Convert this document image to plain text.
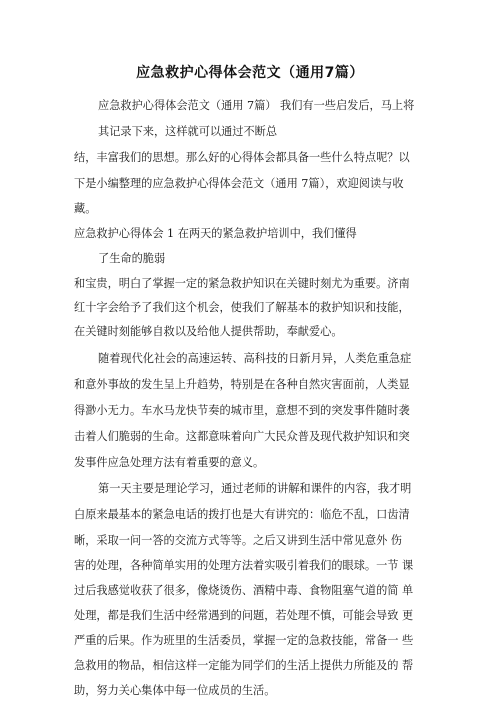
应急救护心得体会范文（通用7篇）
应急救护心得体会范文（通用 7篇） 我们有一些启发后，马上将
其记录下来，这样就可以通过不断总
结，丰富我们的思想。那么好的心得体会都具备一些什么特点呢？以
下是小编整理的应急救护心得体会范文（通用 7篇），欢迎阅读与收
藏。
应急救护心得体会 1 在两天的紧急救护培训中，我们懂得
了生命的脆弱
和宝贵，明白了掌握一定的紧急救护知识在关键时刻尤为重要。济南
红十字会给予了我们这个机会，使我们了解基本的救护知识和技能，
在关键时刻能够自救以及给他人提供帮助，奉献爱心。
随着现代化社会的高速运转、高科技的日新月异，人类危重急症
和意外事故的发生呈上升趋势，特别是在各种自然灾害面前，人类显
得渺小无力。车水马龙快节奏的城市里，意想不到的突发事件随时袭
击着人们脆弱的生命。这都意味着向广大民众普及现代救护知识和突
发事件应急处理方法有着重要的意义。
第一天主要是理论学习，通过老师的讲解和课件的内容，我才明
白原来最基本的紧急电话的拨打也是大有讲究的：临危不乱，口齿清
晰，采取一问一答的交流方式等等。之后又讲到生活中常见意外 伤
害的处理，各种简单实用的处理方法着实吸引着我们的眼球。一节 课
过后我感觉收获了很多，像烧烫伤、酒精中毒、食物阻塞气道的简 单
处理，都是我们生活中经常遇到的问题，若处理不慎，可能会导致 更
严重的后果。作为班里的生活委员，掌握一定的急救技能，常备一 些
急救用的物品，相信这样一定能为同学们的生活上提供力所能及的 帮
助，努力关心集体中每一位成员的生活。
